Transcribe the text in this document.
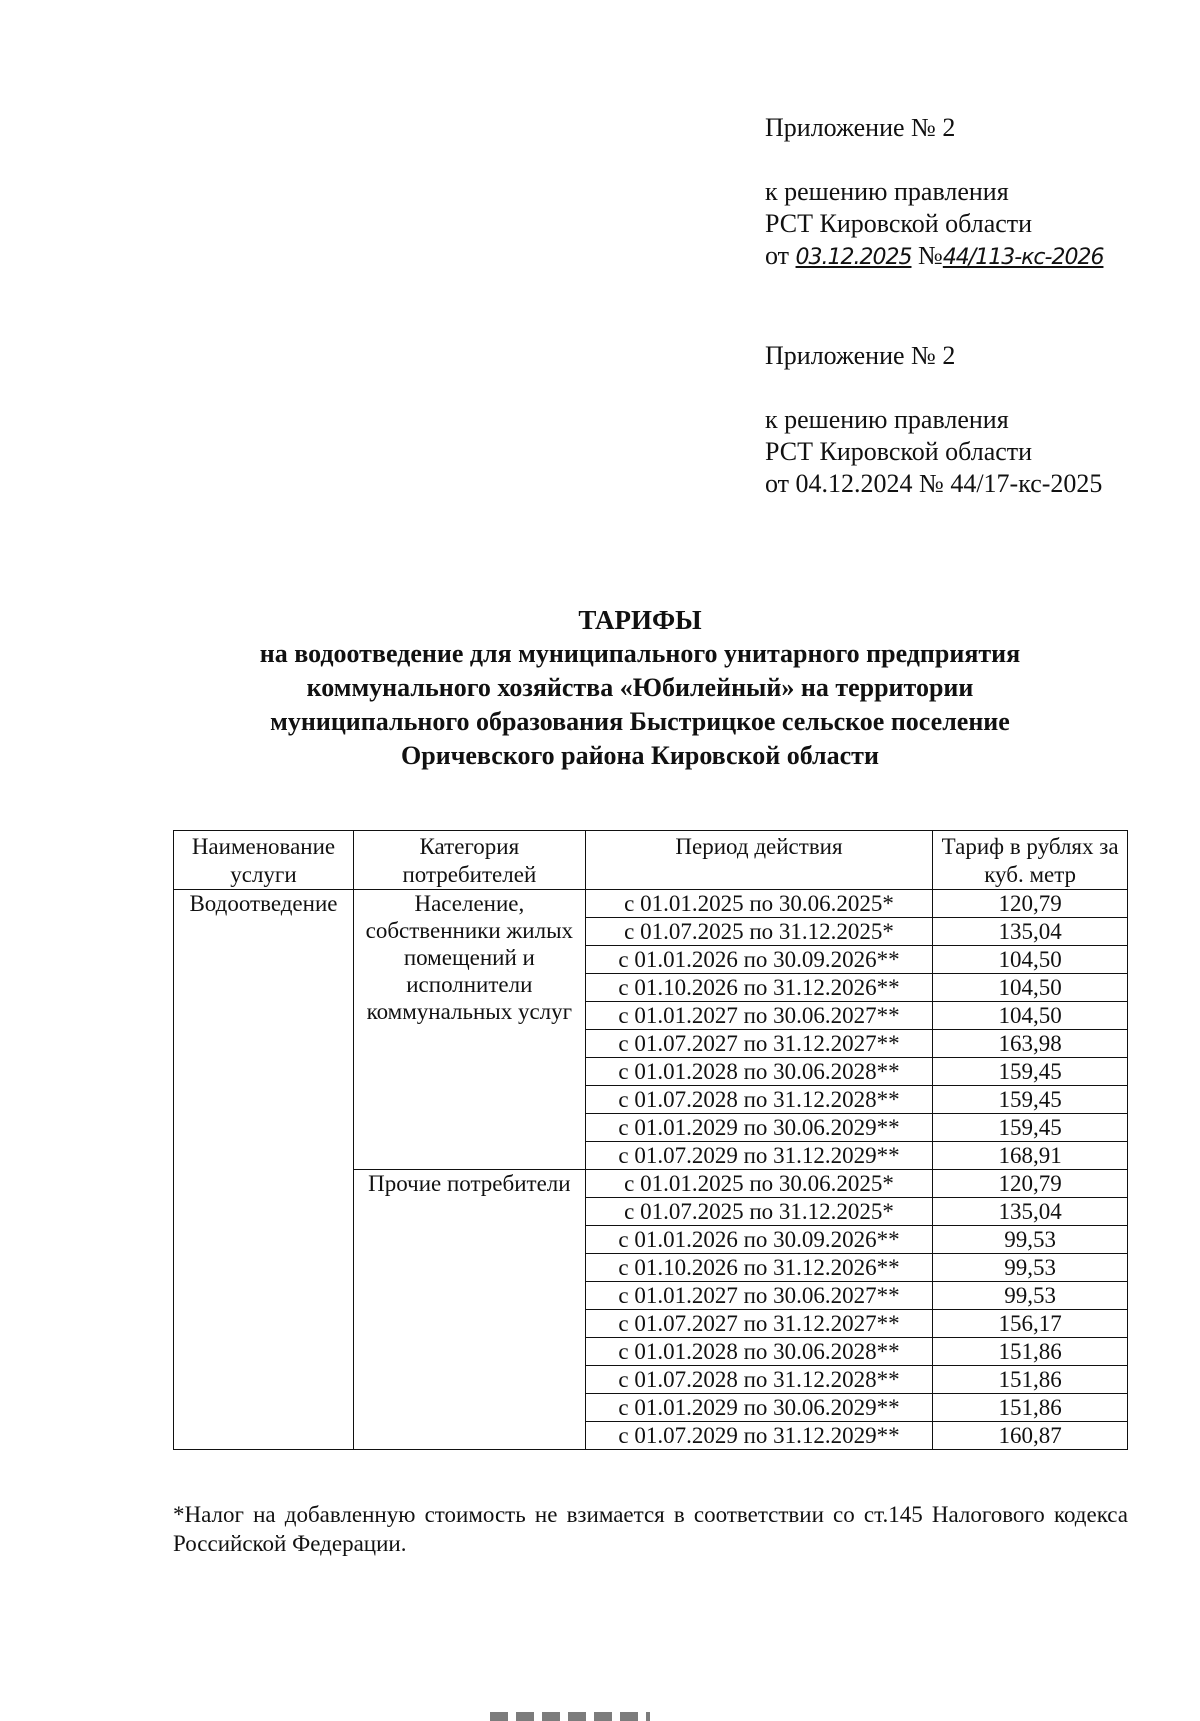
Приложение № 2
к решению правления
РСТ Кировской области
от 03.12.2025 №44/113-кс-2026
Приложение № 2
к решению правления
РСТ Кировской области
от 04.12.2024 № 44/17-кс-2025
ТАРИФЫ
на водоотведение для муниципального унитарного предприятия
коммунального хозяйства «Юбилейный» на территории
муниципального образования Быстрицкое сельское поселение
Оричевского района Кировской области
Наименование услуги	Категория потребителей	Период действия	Тариф в рублях за куб. метр
Водоотведение	Население, собственники жилых помещений и исполнители коммунальных услуг	с 01.01.2025 по 30.06.2025*	120,79
		с 01.07.2025 по 31.12.2025*	135,04
		с 01.01.2026 по 30.09.2026**	104,50
		с 01.10.2026 по 31.12.2026**	104,50
		с 01.01.2027 по 30.06.2027**	104,50
		с 01.07.2027 по 31.12.2027**	163,98
		с 01.01.2028 по 30.06.2028**	159,45
		с 01.07.2028 по 31.12.2028**	159,45
		с 01.01.2029 по 30.06.2029**	159,45
		с 01.07.2029 по 31.12.2029**	168,91
	Прочие потребители	с 01.01.2025 по 30.06.2025*	120,79
		с 01.07.2025 по 31.12.2025*	135,04
		с 01.01.2026 по 30.09.2026**	99,53
		с 01.10.2026 по 31.12.2026**	99,53
		с 01.01.2027 по 30.06.2027**	99,53
		с 01.07.2027 по 31.12.2027**	156,17
		с 01.01.2028 по 30.06.2028**	151,86
		с 01.07.2028 по 31.12.2028**	151,86
		с 01.01.2029 по 30.06.2029**	151,86
		с 01.07.2029 по 31.12.2029**	160,87
*Налог на добавленную стоимость не взимается в соответствии со ст.145 Налогового кодекса Российской Федерации.
